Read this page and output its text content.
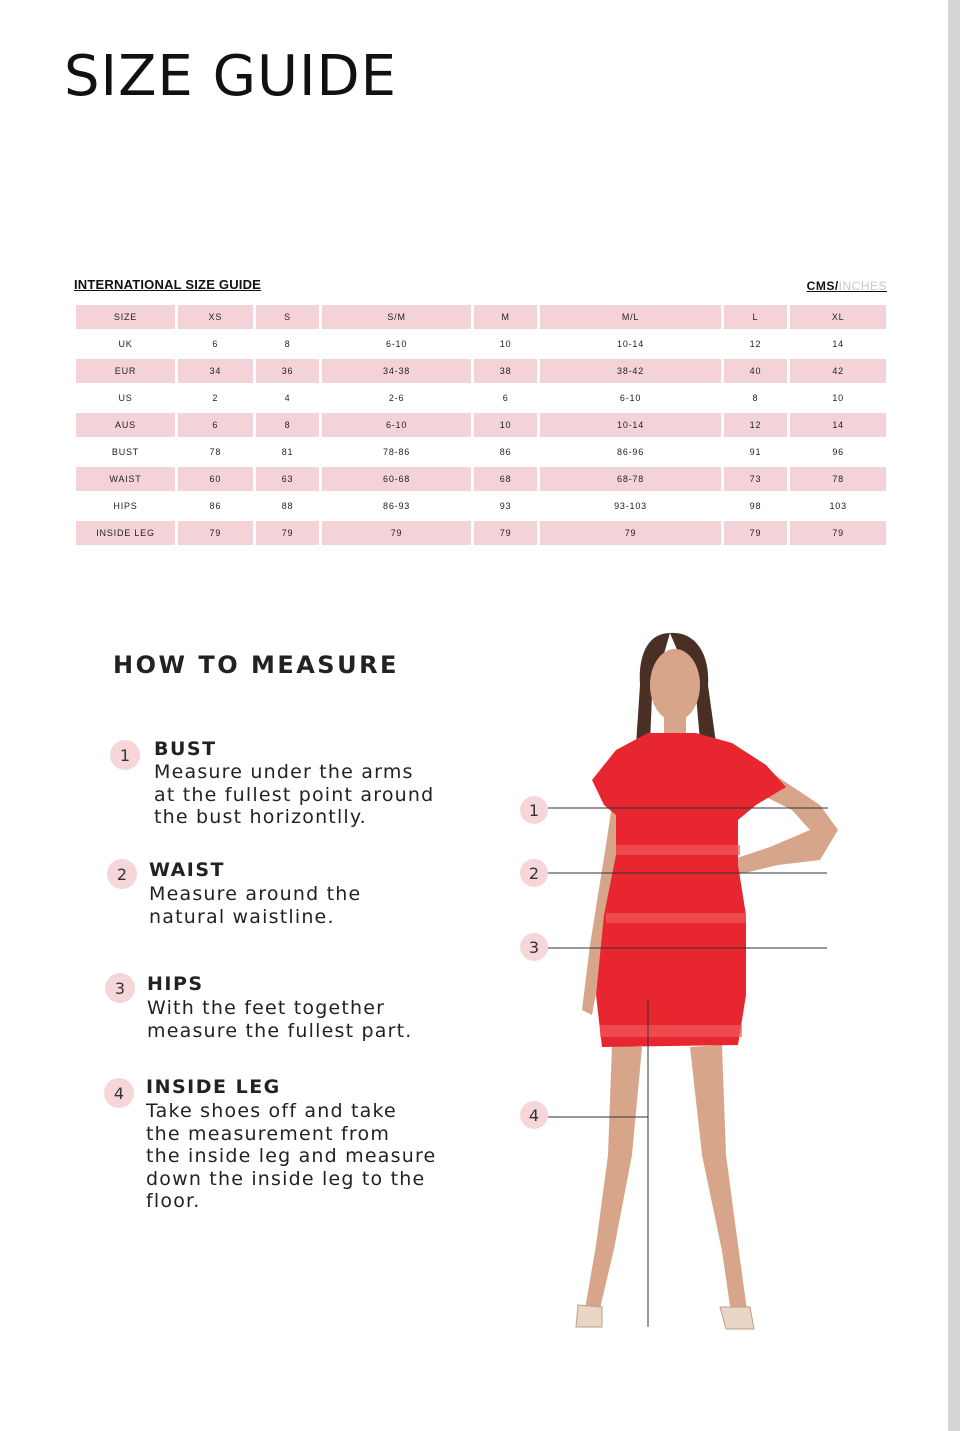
SIZE GUIDE
INTERNATIONAL SIZE GUIDE	CMS/INCHES
SIZE	XS	S	S/M	M	M/L	L	XL
UK	6	8	6-10	10	10-14	12	14
EUR	34	36	34-38	38	38-42	40	42
US	2	4	2-6	6	6-10	8	10
AUS	6	8	6-10	10	10-14	12	14
BUST	78	81	78-86	86	86-96	91	96
WAIST	60	63	60-68	68	68-78	73	78
HIPS	86	88	86-93	93	93-103	98	103
INSIDE LEG	79	79	79	79	79	79	79
HOW TO MEASURE
1	BUST
Measure under the arms
at the fullest point around
the bust horizontlly.
2	WAIST
Measure around the
natural waistline.
3	HIPS
With the feet together
measure the fullest part.
4	INSIDE LEG
Take shoes off and take
the measurement from
the inside leg and measure
down the inside leg to the
floor.
1
2
3
4
